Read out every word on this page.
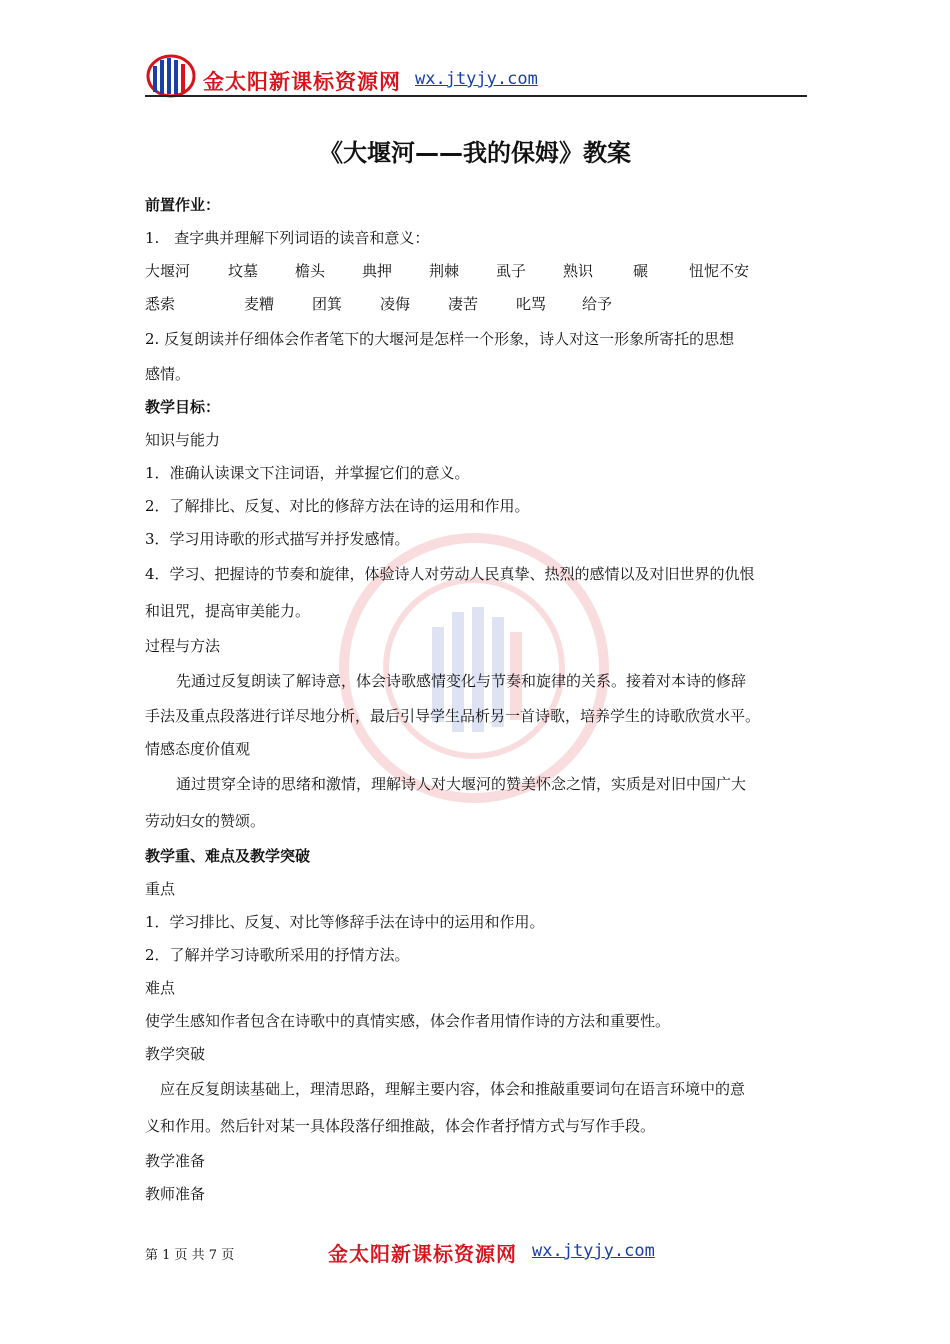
金太阳新课标资源网 wx.jtyjy.com
《大堰河——我的保姆》教案
前置作业：
1.　查字典并理解下列词语的读音和意义：
大堰河	坟墓 檐头 典押 荆棘 虱子 熟识	碾	忸怩不安
悉索	麦糟	团箕	凌侮	凄苦	叱骂 给予
2. 反复朗读并仔细体会作者笔下的大堰河是怎样一个形象，诗人对这一形象所寄托的思想
感情。
教学目标：
知识与能力
1．准确认读课文下注词语，并掌握它们的意义。
2．了解排比、反复、对比的修辞方法在诗的运用和作用。
3．学习用诗歌的形式描写并抒发感情。
4．学习、把握诗的节奏和旋律，体验诗人对劳动人民真挚、热烈的感情以及对旧世界的仇恨
和诅咒，提高审美能力。
过程与方法
先通过反复朗读了解诗意，体会诗歌感情变化与节奏和旋律的关系。接着对本诗的修辞
手法及重点段落进行详尽地分析，最后引导学生品析另一首诗歌，培养学生的诗歌欣赏水平。
情感态度价值观
通过贯穿全诗的思绪和激情，理解诗人对大堰河的赞美怀念之情，实质是对旧中国广大
劳动妇女的赞颂。
教学重、难点及教学突破
重点
1．学习排比、反复、对比等修辞手法在诗中的运用和作用。
2．了解并学习诗歌所采用的抒情方法。
难点
使学生感知作者包含在诗歌中的真情实感，体会作者用情作诗的方法和重要性。
教学突破
应在反复朗读基础上，理清思路，理解主要内容，体会和推敲重要词句在语言环境中的意
义和作用。然后针对某一具体段落仔细推敲，体会作者抒情方式与写作手段。
教学准备
教师准备
第 1 页 共 7 页	金太阳新课标资源网 wx.jtyjy.com
